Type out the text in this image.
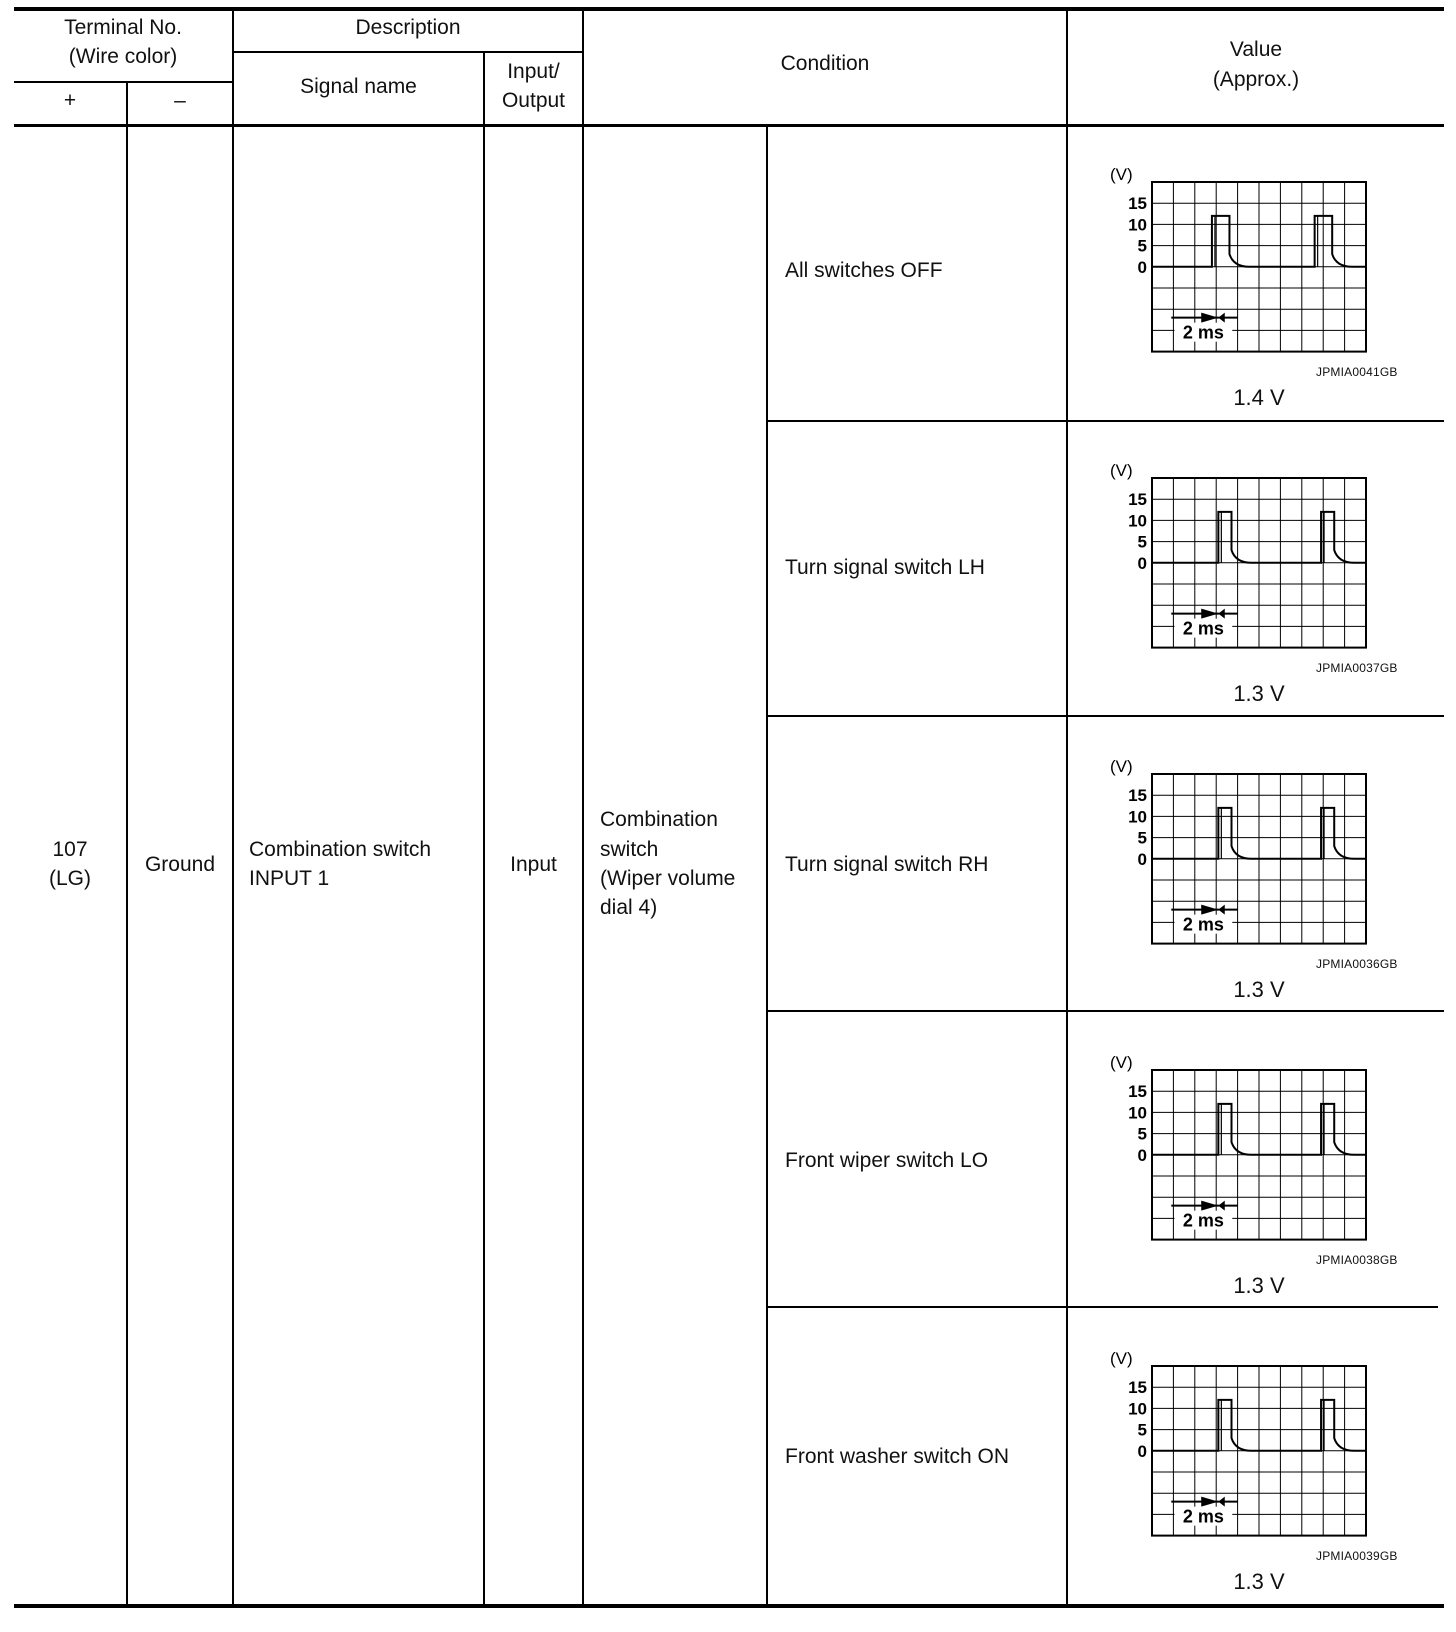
Terminal No.
(Wire color)
+	–
Description
Signal name
Input/
Output
Condition
Value
(Approx.)
107
(LG)
Ground
Combination switch
INPUT 1
Input
Combination
switch
(Wiper volume
dial 4)
All switches OFF
Turn signal switch LH
Turn signal switch RH
Front wiper switch LO
Front washer switch ON
(V)
15
10
5
0
2 ms
(V)
15
10
5
0
2 ms
(V)
15
10
5
0
2 ms
(V)
15
10
5
0
2 ms
(V)
15
10
5
0
2 ms
JPMIA0041GB
JPMIA0037GB
JPMIA0036GB
JPMIA0038GB
JPMIA0039GB
1.4 V
1.3 V
1.3 V
1.3 V
1.3 V
